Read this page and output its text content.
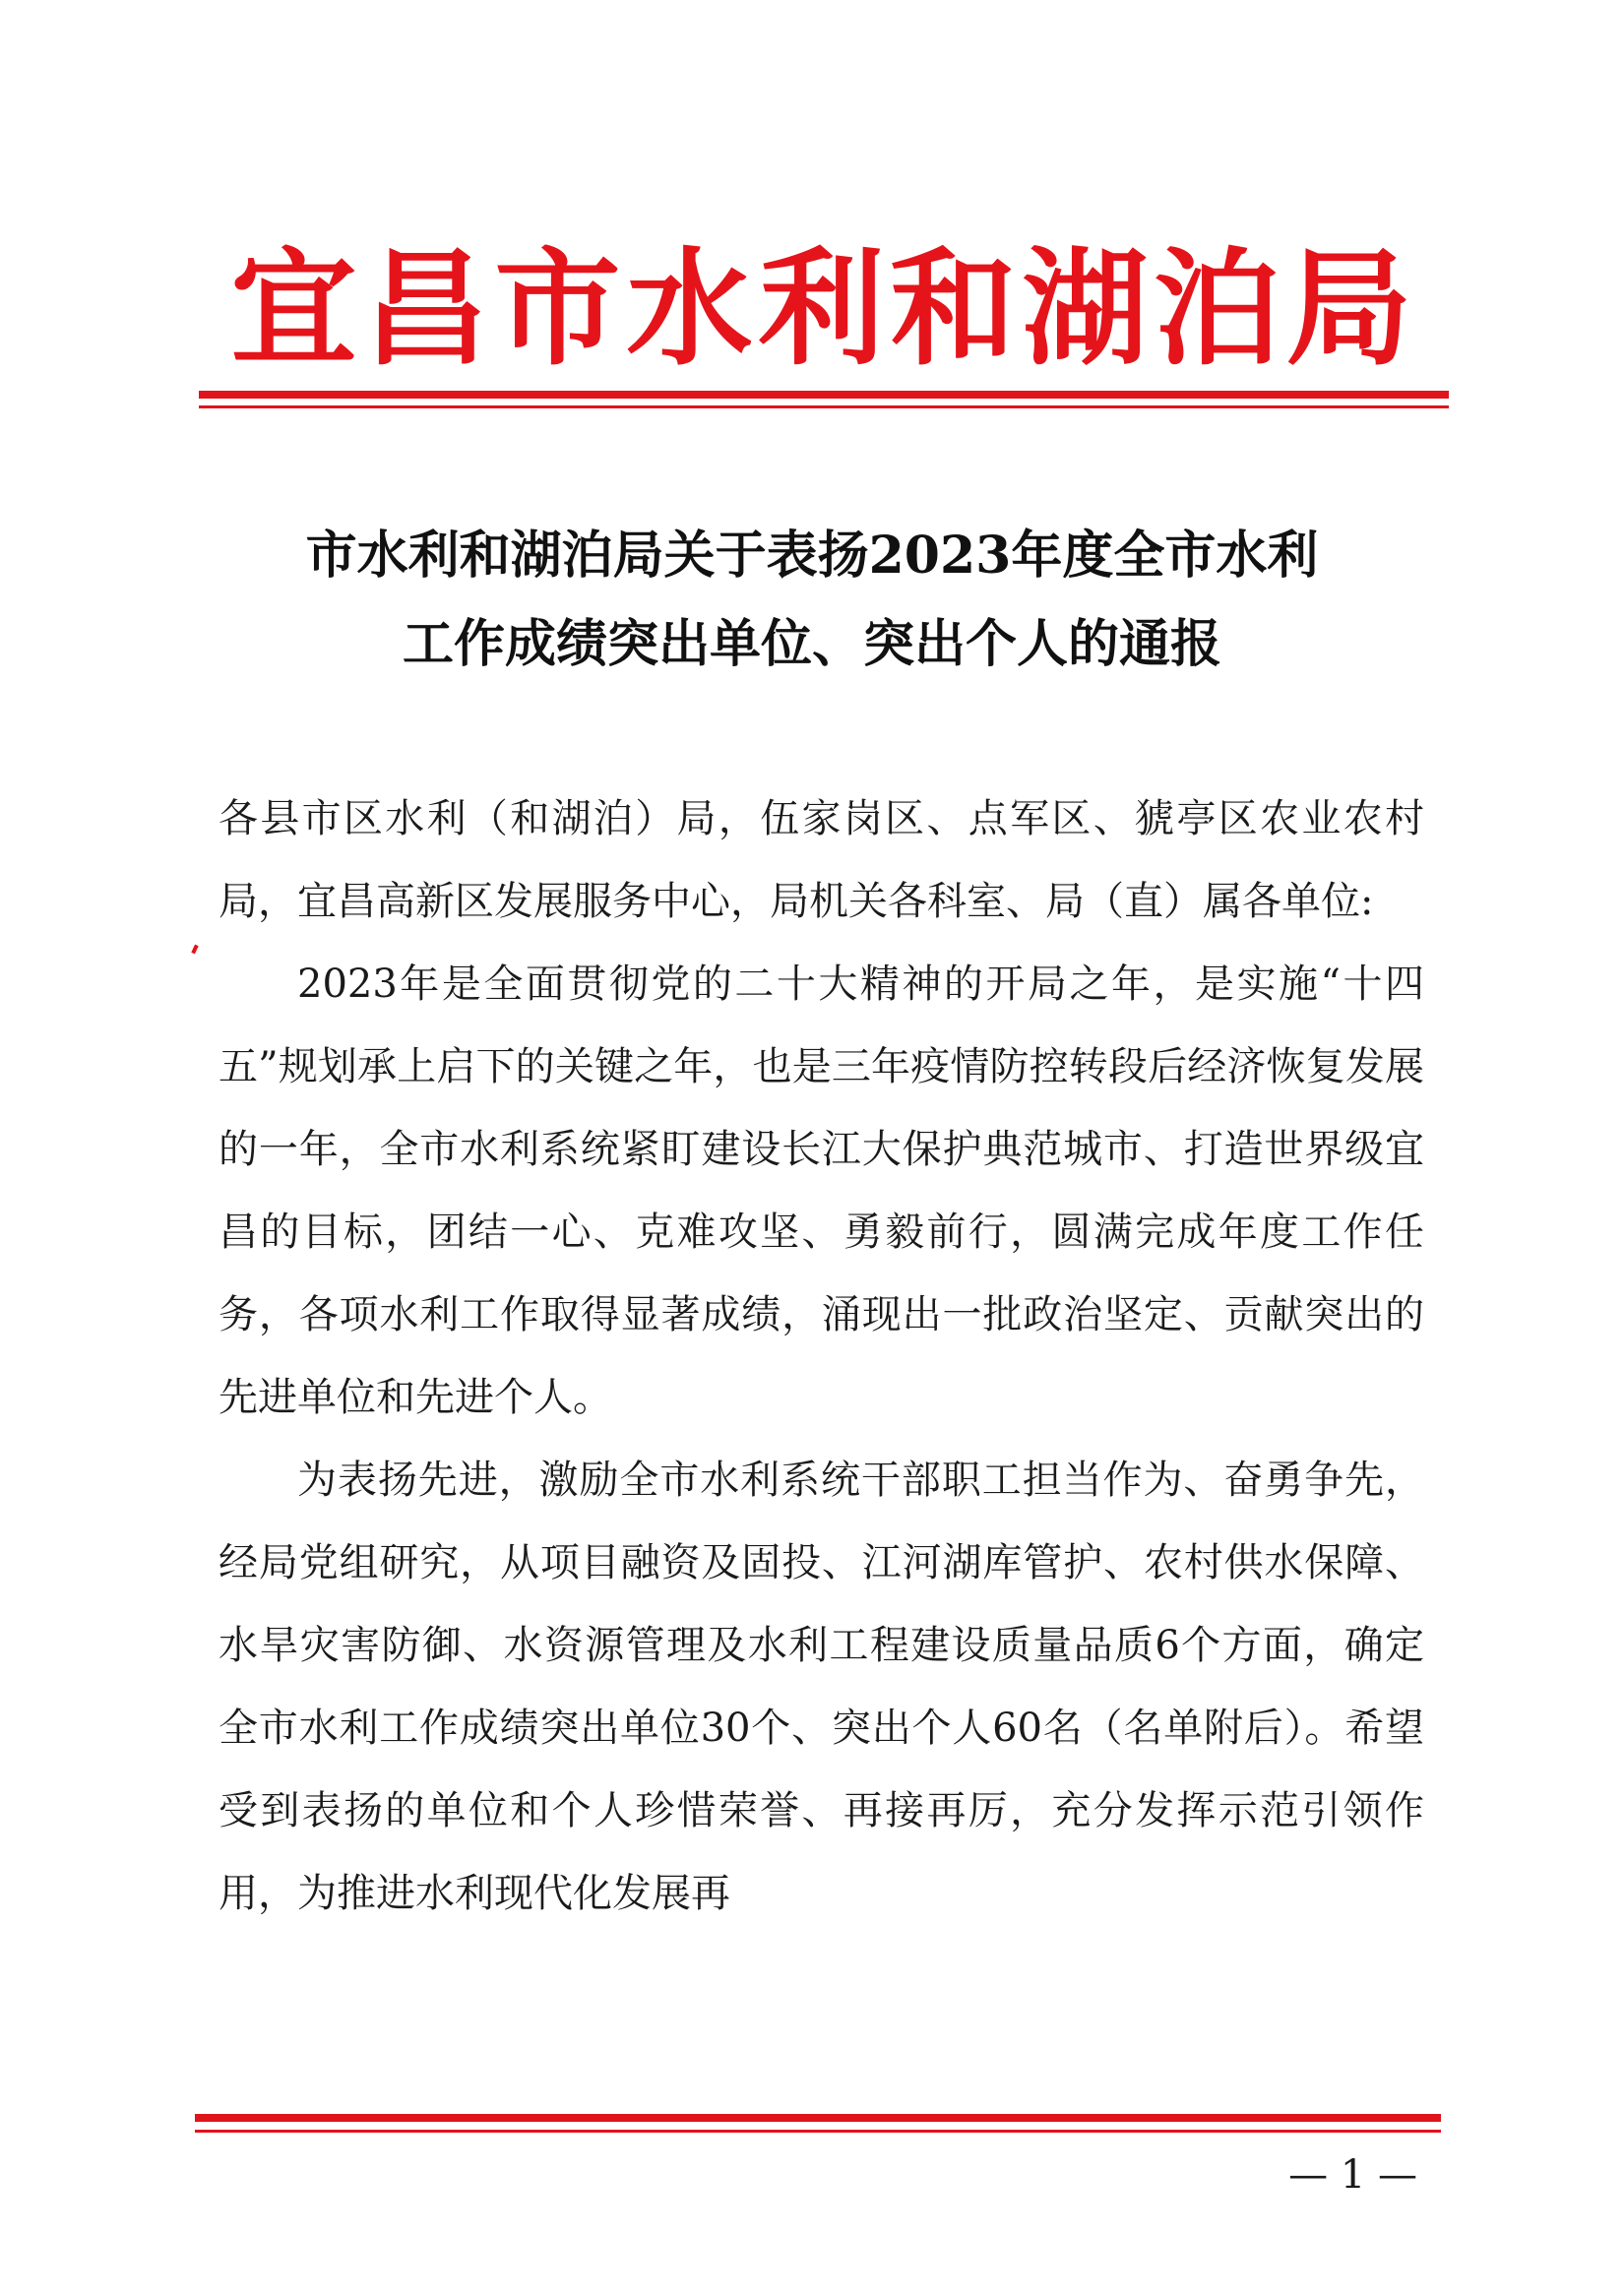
宜昌市水利和湖泊局
市水利和湖泊局关于表扬2023年度全市水利
工作成绩突出单位、突出个人的通报

各县市区水利（和湖泊）局，伍家岗区、点军区、猇亭区农业农村局，宜昌高新区发展服务中心，局机关各科室、局（直）属各单位:

2023年是全面贯彻党的二十大精神的开局之年，是实施“十四五”规划承上启下的关键之年，也是三年疫情防控转段后经济恢复发展的一年，全市水利系统紧盯建设长江大保护典范城市、打造世界级宜昌的目标，团结一心、克难攻坚、勇毅前行，圆满完成年度工作任务，各项水利工作取得显著成绩，涌现出一批政治坚定、贡献突出的先进单位和先进个人。

为表扬先进，激励全市水利系统干部职工担当作为、奋勇争先，经局党组研究，从项目融资及固投、江河湖库管护、农村供水保障、水旱灾害防御、水资源管理及水利工程建设质量品质6个方面，确定全市水利工作成绩突出单位30个、突出个人60名（名单附后）。希望受到表扬的单位和个人珍惜荣誉、再接再厉，充分发挥示范引领作用，为推进水利现代化发展再

— 1 —
